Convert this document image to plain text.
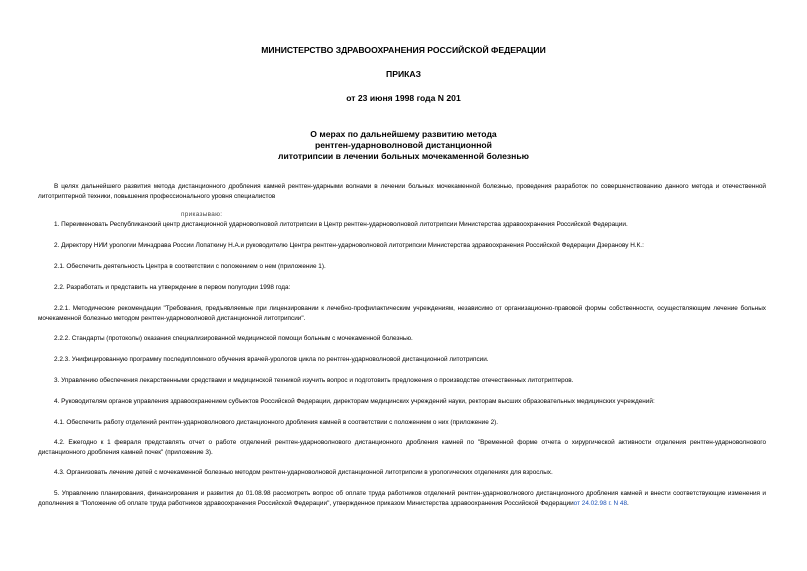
МИНИСТЕРСТВО ЗДРАВООХРАНЕНИЯ РОССИЙСКОЙ ФЕДЕРАЦИИ
ПРИКАЗ
от 23 июня 1998 года N 201
О мерах по дальнейшему развитию метода
рентген-ударноволновой дистанционной
литотрипсии в лечении больных мочекаменной болезнью
В целях дальнейшего развития метода дистанционного дробления камней рентген-ударными волнами в лечении больных мочекаменной болезнью, проведения разработок по совершенствованию данного метода и отечественной литотриптерной техники, повышения профессионального уровня специалистов
приказываю:
1. Переименовать Республиканский центр дистанционной ударноволновой литотрипсии в Центр рентген-ударноволновой литотрипсии Министерства здравоохранения Российской Федерации.
2. Директору НИИ урологии Минздрава России Лопаткину Н.А.и руководителю Центра рентген-ударноволновой литотрипсии Министерства здравоохранения Российской Федерации Дзеранову Н.К.:
2.1. Обеспечить деятельность Центра в соответствии с положением о нем (приложение 1).
2.2. Разработать и представить на утверждение в первом полугодии 1998 года:
2.2.1. Методические рекомендации "Требования, предъявляемые при лицензировании к лечебно-профилактическим учреждениям, независимо от организационно-правовой формы собственности, осуществляющим лечение больных мочекаменной болезнью методом рентген-ударноволновой дистанционной литотрипсии".
2.2.2. Стандарты (протоколы) оказания специализированной медицинской помощи больным с мочекаменной болезнью.
2.2.3. Унифицированную программу последипломного обучения врачей-урологов цикла по рентген-ударноволновой дистанционной литотрипсии.
3. Управлению обеспечения лекарственными средствами и медицинской техникой изучить вопрос и подготовить предложения о производстве отечественных литотриптеров.
4. Руководителям органов управления здравоохранением субъектов Российской Федерации, директорам медицинских учреждений науки, ректорам высших образовательных медицинских учреждений:
4.1. Обеспечить работу отделений рентген-ударноволнового дистанционного дробления камней в соответствии с положением о них (приложение 2).
4.2. Ежегодно к 1 февраля представлять отчет о работе отделений рентген-ударноволнового дистанционного дробления камней по "Временной форме отчета о хирургической активности отделения рентген-ударноволнового дистанционного дробления камней почек" (приложение 3).
4.3. Организовать лечение детей с мочекаменной болезнью методом рентген-ударноволновой дистанционной литотрипсии в урологических отделениях для взрослых.
5. Управлению планирования, финансирования и развития до 01.08.98 рассмотреть вопрос об оплате труда работников отделений рентген-ударноволнового дистанционного дробления камней и внести соответствующие изменения и дополнения в "Положение об оплате труда работников здравоохранения Российской Федерации", утвержденное приказом Министерства здравоохранения Российской Федерацииот 24.02.98 г. N 48.
